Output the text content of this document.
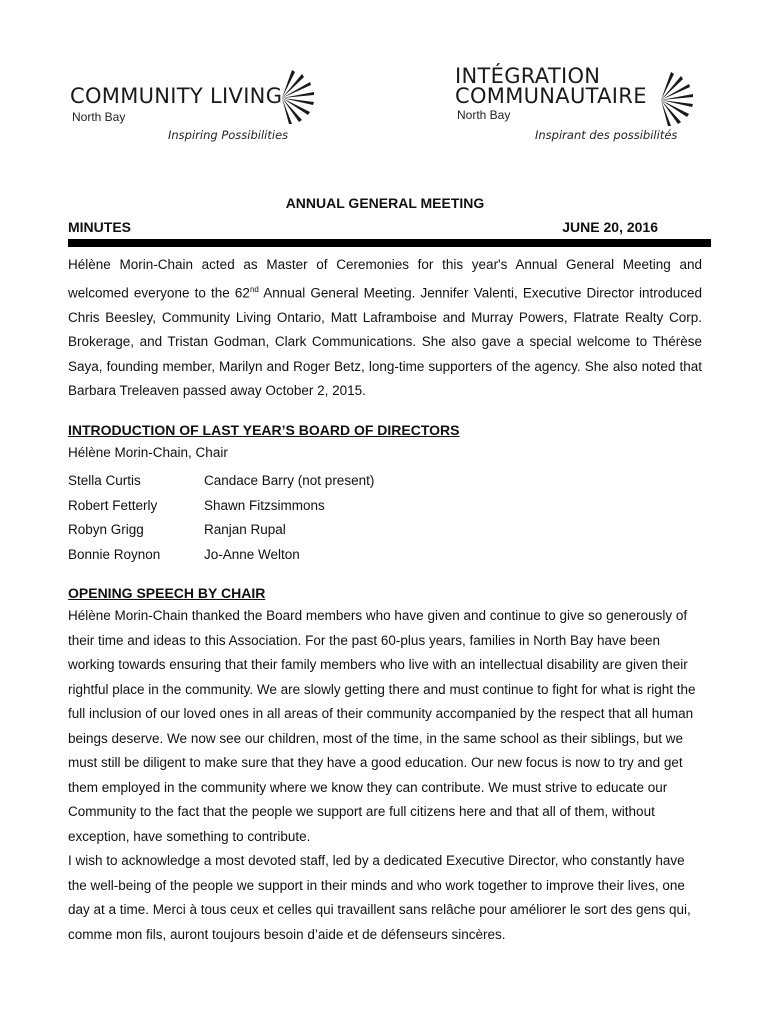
COMMUNITY LIVING
North Bay
Inspiring Possibilities
INTÉGRATION
COMMUNAUTAIRE
North Bay
Inspirant des possibilités
ANNUAL GENERAL MEETING
MINUTES	JUNE 20, 2016
Hélène Morin-Chain acted as Master of Ceremonies for this year's Annual General Meeting and welcomed everyone to the 62nd Annual General Meeting. Jennifer Valenti, Executive Director introduced Chris Beesley, Community Living Ontario, Matt Laframboise and Murray Powers, Flatrate Realty Corp. Brokerage, and Tristan Godman, Clark Communications. She also gave a special welcome to Thérèse Saya, founding member, Marilyn and Roger Betz, long-time supporters of the agency. She also noted that Barbara Treleaven passed away October 2, 2015.
INTRODUCTION OF LAST YEAR’S BOARD OF DIRECTORS
Hélène Morin-Chain, Chair
Stella Curtis	Candace Barry (not present)
Robert Fetterly	Shawn Fitzsimmons
Robyn Grigg	Ranjan Rupal
Bonnie Roynon	Jo-Anne Welton
OPENING SPEECH BY CHAIR
Hélène Morin-Chain thanked the Board members who have given and continue to give so generously of their time and ideas to this Association. For the past 60-plus years, families in North Bay have been working towards ensuring that their family members who live with an intellectual disability are given their rightful place in the community. We are slowly getting there and must continue to fight for what is right the full inclusion of our loved ones in all areas of their community accompanied by the respect that all human beings deserve. We now see our children, most of the time, in the same school as their siblings, but we must still be diligent to make sure that they have a good education. Our new focus is now to try and get them employed in the community where we know they can contribute. We must strive to educate our Community to the fact that the people we support are full citizens here and that all of them, without exception, have something to contribute.
I wish to acknowledge a most devoted staff, led by a dedicated Executive Director, who constantly have the well-being of the people we support in their minds and who work together to improve their lives, one day at a time. Merci à tous ceux et celles qui travaillent sans relâche pour améliorer le sort des gens qui, comme mon fils, auront toujours besoin d’aide et de défenseurs sincères.
